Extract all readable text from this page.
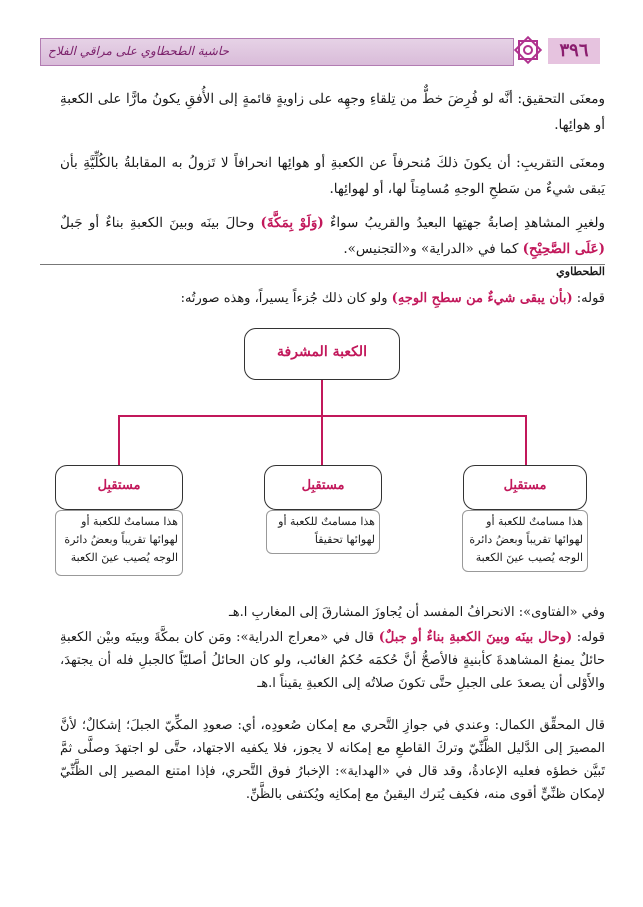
حاشية الطحطاوي على مراقي الفلاح	٣٩٦
ومعنَى التحقيق: أنَّه لو فُرِضَ خطٌّ من تِلقاءِ وجهِه على زاويةٍ قائمةٍ إلى الأُفقِ يكونُ مارًّا على الكعبةِ أو هوائِها.
ومعنَى التقريبِ: أن يكونَ ذلكَ مُنحرفاً عن الكعبةِ أو هوائِها انحرافاً لا تَزولُ به المقابلةُ بالكُلِّيَّةِ بأن يَبقى شيءٌ من سَطحِ الوجهِ مُسامِتاً لها، أو لهوائِها.
ولغيرِ المشاهدِ إصابةُ جهتِها البعيدُ والقريبُ سواءٌ (وَلَوْ بِمَكَّةَ) وحالَ بينَه وبينَ الكعبةِ بناءٌ أو جَبلٌ (عَلَى الصَّحِيْحِ) كما في «الدراية» و«التجنيس».
الطحطاوي
قوله: (بأن يبقى شيءٌ من سطحِ الوجهِ) ولو كان ذلك جُزءاً يسيراً، وهذه صورتُه:
الكعبة المشرفة
مستقبِل
هذا مسامتٌ للكعبة أو لهوائها تقريباً وبعضُ دائرة الوجه يُصيب عينَ الكعبة
مستقبِل
هذا مسامتٌ للكعبة أو لهوائها تحقيقاً
مستقبِل
هذا مسامتٌ للكعبة أو لهوائها تقريباً وبعضُ دائرة الوجه يُصيب عينَ الكعبة
وفي «الفتاوى»: الانحرافُ المفسد أن يُجاوزَ المشارقَ إلى المغاربِ ا.هـ
قوله: (وحال بينَه وبينَ الكعبةِ بناءٌ أو جبلٌ) قال في «معراج الدراية»: ومَن كان بمكَّةَ وبينَه وبيْن الكعبةِ حائلٌ يمنعُ المشاهدةَ كأبنيةٍ فالأصحُّ أنَّ حُكمَه حُكمُ الغائب، ولو كان الحائلُ أصليّاً كالجبلِ فله أن يجتهدَ، والأَوْلى أن يصعدَ على الجبلِ حتَّى تكونَ صلاتُه إلى الكعبةِ يقيناً ا.هـ
قال المحقِّق الكمال: وعندي في جوازِ التَّحري مع إمكان صُعودِه، أي: صعودِ المكِّيّ الجبلَ؛ إشكالٌ؛ لأنَّ المصيرَ إلى الدَّليل الظَّنِّيّ وتركَ القاطعِ مع إمكانه لا يجوز، فلا يكفيه الاجتهاد، حتَّى لو اجتهدَ وصلَّى ثمَّ تَبيَّن خطؤه فعليه الإعادةُ، وقد قال في «الهداية»: الإخبارُ فوق التَّحري، فإذا امتنع المصير إلى الظَّنِّيّ لإمكان ظنِّيٍّ أقوى منه، فكيف يُترك اليقينُ مع إمكانِه ويُكتفى بالظَّنِّ.
